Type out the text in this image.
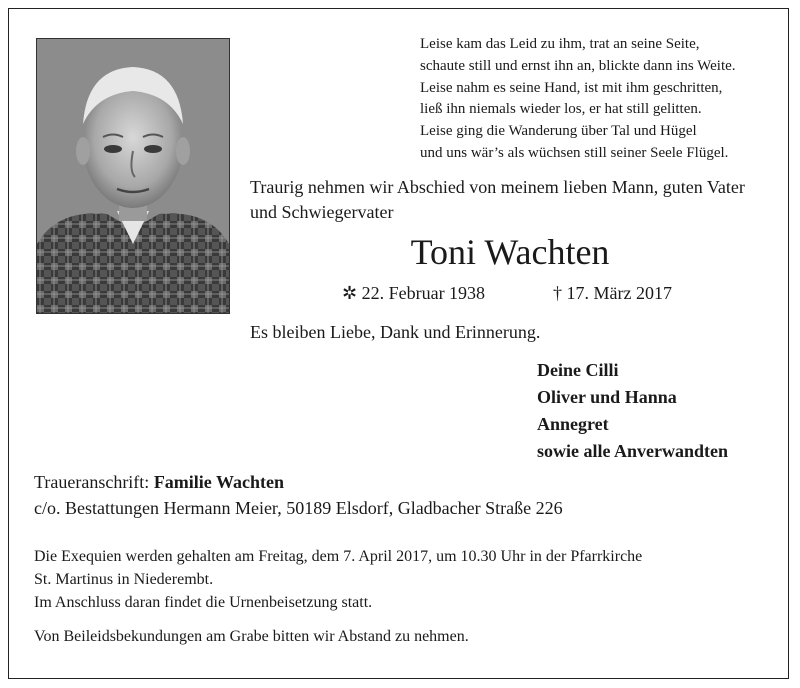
Leise kam das Leid zu ihm, trat an seine Seite,
schaute still und ernst ihn an, blickte dann ins Weite.
Leise nahm es seine Hand, ist mit ihm geschritten,
ließ ihn niemals wieder los, er hat still gelitten.
Leise ging die Wanderung über Tal und Hügel
und uns wär’s als wüchsen still seiner Seele Flügel.
Traurig nehmen wir Abschied von meinem lieben Mann, guten Vater und Schwiegervater
Toni Wachten
✲ 22. Februar 1938	† 17. März 2017
Es bleiben Liebe, Dank und Erinnerung.
Deine Cilli
Oliver und Hanna
Annegret
sowie alle Anverwandten
Traueranschrift: Familie Wachten
c/o. Bestattungen Hermann Meier, 50189 Elsdorf, Gladbacher Straße 226
Die Exequien werden gehalten am Freitag, dem 7. April 2017, um 10.30 Uhr in der Pfarrkirche
St. Martinus in Niederembt.
Im Anschluss daran findet die Urnenbeisetzung statt.
Von Beileidsbekundungen am Grabe bitten wir Abstand zu nehmen.
